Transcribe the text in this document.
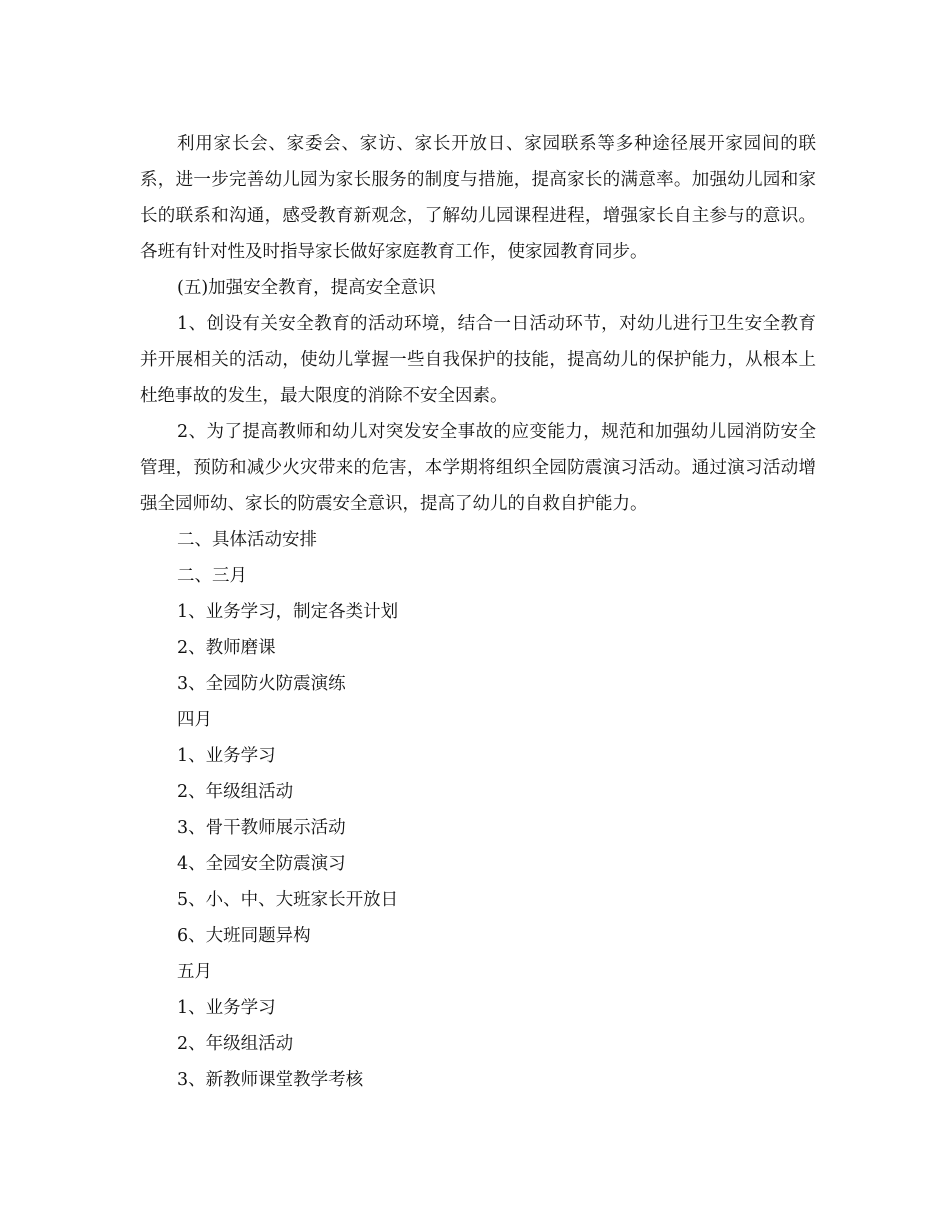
利用家长会、家委会、家访、家长开放日、家园联系等多种途径展开家园间的联系，进一步完善幼儿园为家长服务的制度与措施，提高家长的满意率。加强幼儿园和家长的联系和沟通，感受教育新观念，了解幼儿园课程进程，增强家长自主参与的意识。各班有针对性及时指导家长做好家庭教育工作，使家园教育同步。

(五)加强安全教育，提高安全意识

1、创设有关安全教育的活动环境，结合一日活动环节，对幼儿进行卫生安全教育并开展相关的活动，使幼儿掌握一些自我保护的技能，提高幼儿的保护能力，从根本上杜绝事故的发生，最大限度的消除不安全因素。

2、为了提高教师和幼儿对突发安全事故的应变能力，规范和加强幼儿园消防安全管理，预防和减少火灾带来的危害，本学期将组织全园防震演习活动。通过演习活动增强全园师幼、家长的防震安全意识，提高了幼儿的自救自护能力。

二、具体活动安排

二、三月

1、业务学习，制定各类计划

2、教师磨课

3、全园防火防震演练

四月

1、业务学习

2、年级组活动

3、骨干教师展示活动

4、全园安全防震演习

5、小、中、大班家长开放日

6、大班同题异构

五月

1、业务学习

2、年级组活动

3、新教师课堂教学考核
